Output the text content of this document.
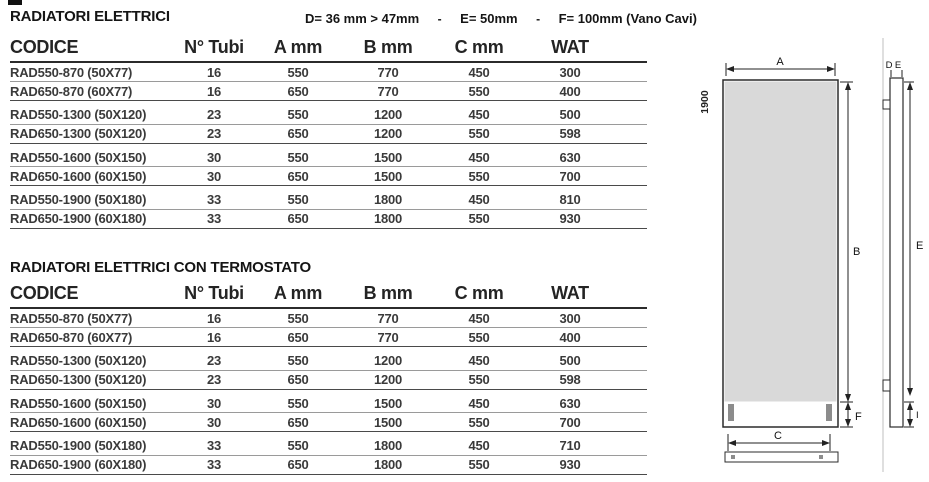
RADIATORI ELETTRICI	D= 36 mm > 47mm - E= 50mm - F= 100mm (Vano Cavi)
CODICE	N° Tubi	A mm	B mm	C mm	WAT
RAD550-870 (50X77)	16	550	770	450	300
RAD650-870 (60X77)	16	650	770	550	400
RAD550-1300 (50X120)	23	550	1200	450	500
RAD650-1300 (50X120)	23	650	1200	550	598
RAD550-1600 (50X150)	30	550	1500	450	630
RAD650-1600 (60X150)	30	650	1500	550	700
RAD550-1900 (50X180)	33	550	1800	450	810
RAD650-1900 (60X180)	33	650	1800	550	930
RADIATORI ELETTRICI CON TERMOSTATO
CODICE	N° Tubi	A mm	B mm	C mm	WAT
RAD550-870 (50X77)	16	550	770	450	300
RAD650-870 (60X77)	16	650	770	550	400
RAD550-1300 (50X120)	23	550	1200	450	500
RAD650-1300 (50X120)	23	650	1200	550	598
RAD550-1600 (50X150)	30	550	1500	450	630
RAD650-1600 (60X150)	30	650	1500	550	700
RAD550-1900 (50X180)	33	550	1800	450	710
RAD650-1900 (60X180)	33	650	1800	550	930
A
1900
B
F
C
D E
E
I
